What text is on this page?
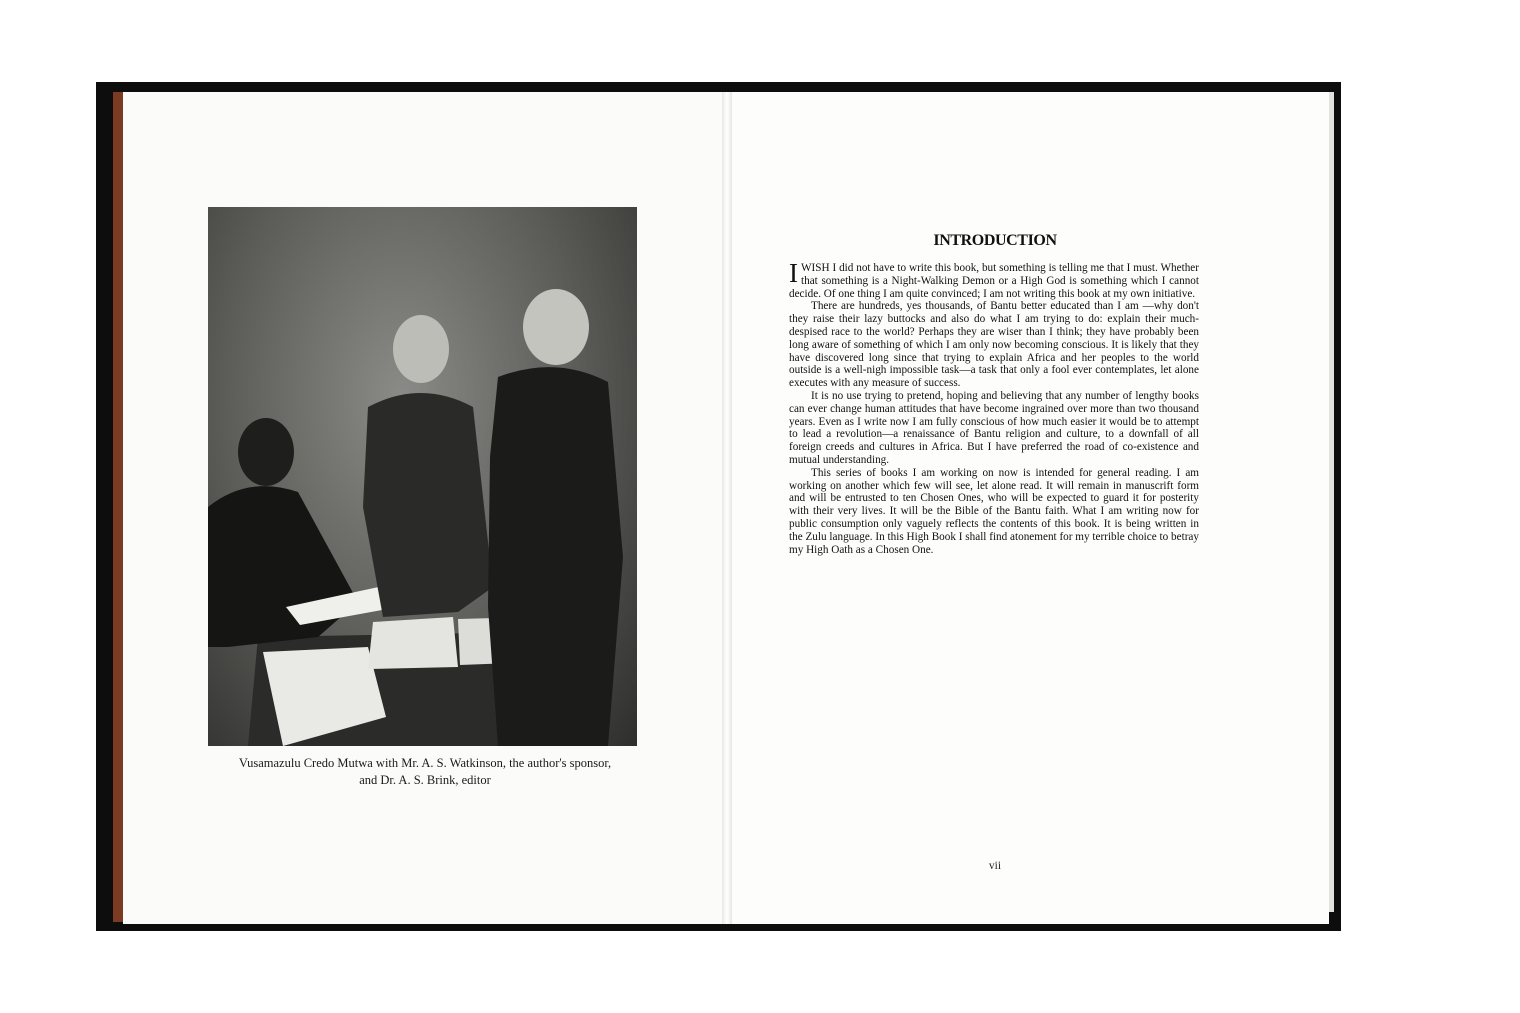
Vusamazulu Credo Mutwa with Mr. A. S. Watkinson, the author's sponsor,
and Dr. A. S. Brink, editor
INTRODUCTION

IWISH I did not have to write this book, but something is telling me that I must. Whether that something is a Night-Walking Demon or a High God is something which I cannot decide. Of one thing I am quite convinced; I am not writing this book at my own initiative.

There are hundreds, yes thousands, of Bantu better educated than I am —why don't they raise their lazy buttocks and also do what I am trying to do: explain their much-despised race to the world? Perhaps they are wiser than I think; they have probably been long aware of something of which I am only now becoming conscious. It is likely that they have discovered long since that trying to explain Africa and her peoples to the world outside is a well-nigh impossible task—a task that only a fool ever contemplates, let alone executes with any measure of success.

It is no use trying to pretend, hoping and believing that any number of lengthy books can ever change human attitudes that have become ingrained over more than two thousand years. Even as I write now I am fully conscious of how much easier it would be to attempt to lead a revolution—a renaissance of Bantu religion and culture, to a downfall of all foreign creeds and cultures in Africa. But I have preferred the road of co-existence and mutual understanding.

This series of books I am working on now is intended for general reading. I am working on another which few will see, let alone read. It will remain in manuscrift form and will be entrusted to ten Chosen Ones, who will be expected to guard it for posterity with their very lives. It will be the Bible of the Bantu faith. What I am writing now for public consumption only vaguely reflects the contents of this book. It is being written in the Zulu language. In this High Book I shall find atonement for my terrible choice to betray my High Oath as a Chosen One.

vii
